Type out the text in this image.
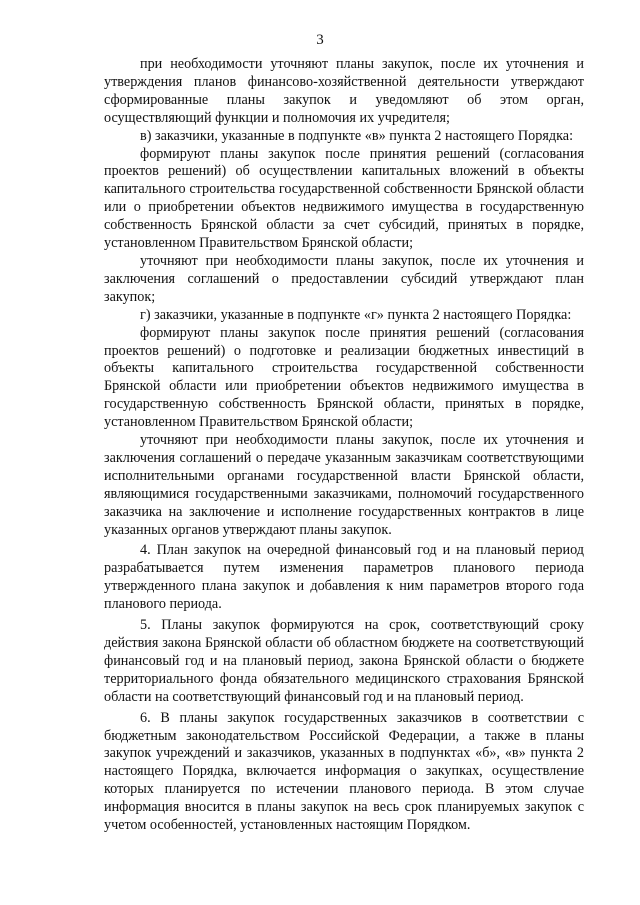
3

при необходимости уточняют планы закупок, после их уточнения и утверждения планов финансово-хозяйственной деятельности утверждают сформированные планы закупок и уведомляют об этом орган, осуществляющий функции и полномочия их учредителя;

в) заказчики, указанные в подпункте «в» пункта 2 настоящего Порядка:

формируют планы закупок после принятия решений (согласования проектов решений) об осуществлении капитальных вложений в объекты капитального строительства государственной собственности Брянской области или о приобретении объектов недвижимого имущества в государственную собственность Брянской области за счет субсидий, принятых в порядке, установленном Правительством Брянской области;

уточняют при необходимости планы закупок, после их уточнения и заключения соглашений о предоставлении субсидий утверждают план закупок;

г) заказчики, указанные в подпункте «г» пункта 2 настоящего Порядка:

формируют планы закупок после принятия решений (согласования проектов решений) о подготовке и реализации бюджетных инвестиций в объекты капитального строительства государственной собственности Брянской области или приобретении объектов недвижимого имущества в государственную собственность Брянской области, принятых в порядке, установленном Правительством Брянской области;

уточняют при необходимости планы закупок, после их уточнения и заключения соглашений о передаче указанным заказчикам соответствующими исполнительными органами государственной власти Брянской области, являющимися государственными заказчиками, полномочий государственного заказчика на заключение и исполнение государственных контрактов в лице указанных органов утверждают планы закупок.

4. План закупок на очередной финансовый год и на плановый период разрабатывается путем изменения параметров планового периода утвержденного плана закупок и добавления к ним параметров второго года планового периода.

5. Планы закупок формируются на срок, соответствующий сроку действия закона Брянской области об областном бюджете на соответствующий финансовый год и на плановый период, закона Брянской области о бюджете территориального фонда обязательного медицинского страхования Брянской области на соответствующий финансовый год и на плановый период.

6. В планы закупок государственных заказчиков в соответствии с бюджетным законодательством Российской Федерации, а также в планы закупок учреждений и заказчиков, указанных в подпунктах «б», «в» пункта 2 настоящего Порядка, включается информация о закупках, осуществление которых планируется по истечении планового периода. В этом случае информация вносится в планы закупок на весь срок планируемых закупок с учетом особенностей, установленных настоящим Порядком.
